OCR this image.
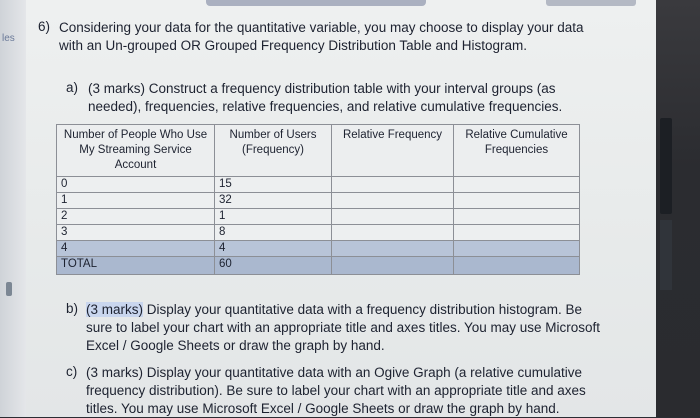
les
6) Considering your data for the quantitative variable, you may choose to display your data
with an Un-grouped OR Grouped Frequency Distribution Table and Histogram.
a) (3 marks) Construct a frequency distribution table with your interval groups (as
needed), frequencies, relative frequencies, and relative cumulative frequencies.
Number of People Who Use My Streaming Service Account	Number of Users (Frequency)	Relative Frequency	Relative Cumulative Frequencies
0	15		
1	32		
2	1		
3	8		
4	4		
TOTAL	60		
b) (3 marks) Display your quantitative data with a frequency distribution histogram. Be
sure to label your chart with an appropriate title and axes titles. You may use Microsoft
Excel / Google Sheets or draw the graph by hand.
c) (3 marks) Display your quantitative data with an Ogive Graph (a relative cumulative
frequency distribution). Be sure to label your chart with an appropriate title and axes
titles. You may use Microsoft Excel / Google Sheets or draw the graph by hand.
